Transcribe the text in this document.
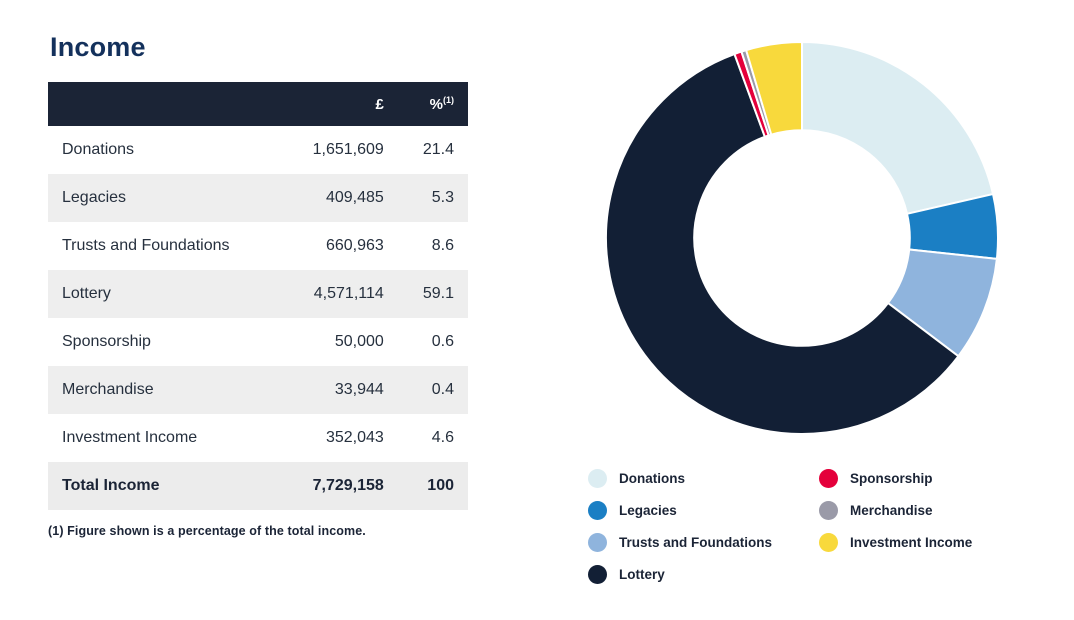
Income
	£	%$^{(1)}$
Donations	1,651,609	21.4
Legacies	409,485	5.3
Trusts and Foundations	660,963	8.6
Lottery	4,571,114	59.1
Sponsorship	50,000	0.6
Merchandise	33,944	0.4
Investment Income	352,043	4.6
Total Income	7,729,158	100
(1) Figure shown is a percentage of the total income.
Donations	Sponsorship
Legacies	Merchandise
Trusts and Foundations	Investment Income
Lottery
